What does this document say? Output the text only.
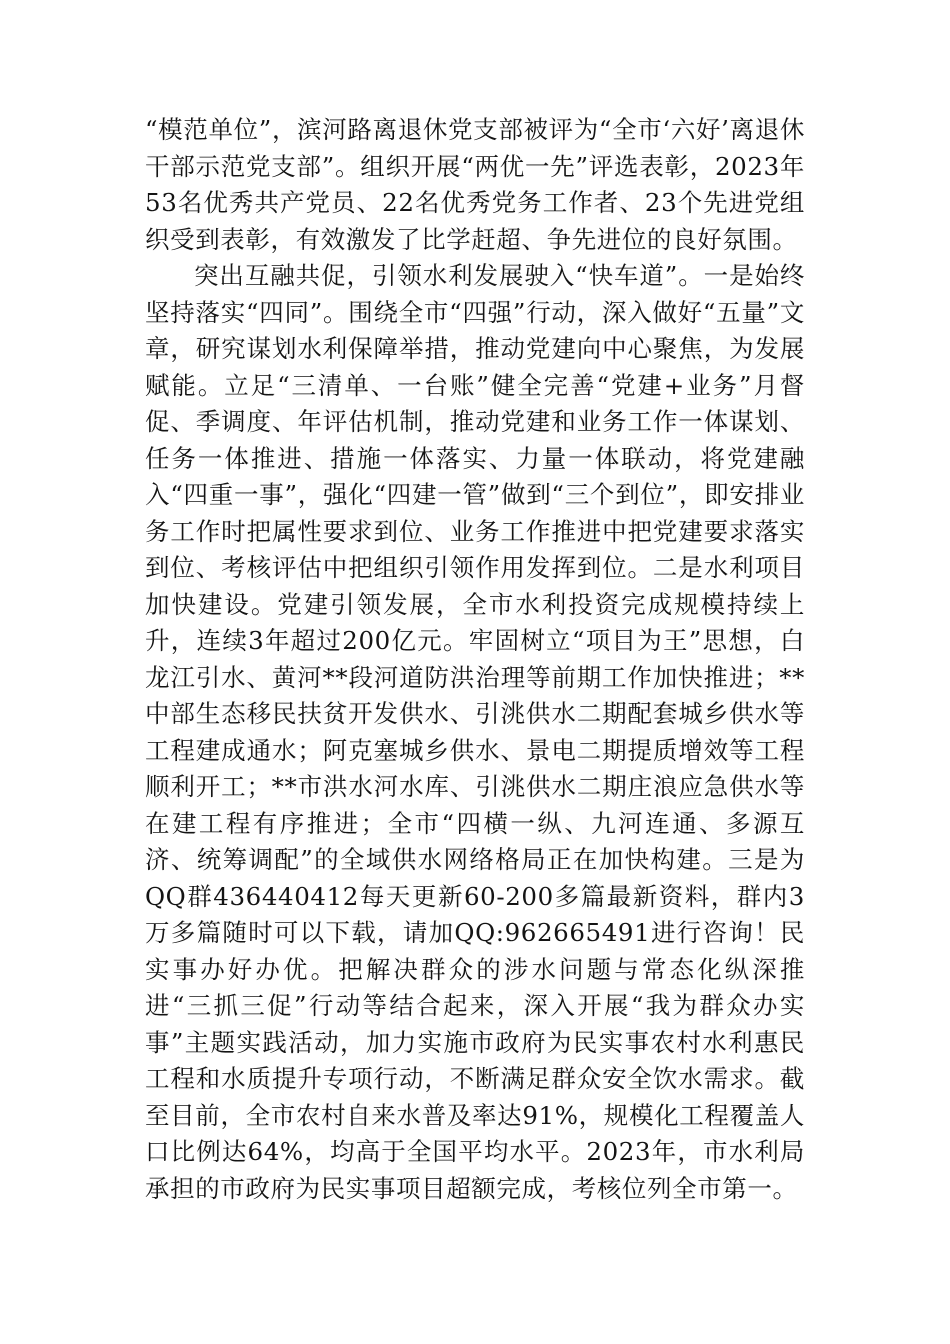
“模范单位”，滨河路离退休党支部被评为“全市‘六好’离退休干部示范党支部”。组织开展“两优一先”评选表彰，2023年53名优秀共产党员、22名优秀党务工作者、23个先进党组织受到表彰，有效激发了比学赶超、争先进位的良好氛围。

突出互融共促，引领水利发展驶入“快车道”。一是始终坚持落实“四同”。围绕全市“四强”行动，深入做好“五量”文章，研究谋划水利保障举措，推动党建向中心聚焦，为发展赋能。立足“三清单、一台账”健全完善“党建+业务”月督促、季调度、年评估机制，推动党建和业务工作一体谋划、任务一体推进、措施一体落实、力量一体联动，将党建融入“四重一事”，强化“四建一管”做到“三个到位”，即安排业务工作时把属性要求到位、业务工作推进中把党建要求落实到位、考核评估中把组织引领作用发挥到位。二是水利项目加快建设。党建引领发展，全市水利投资完成规模持续上升，连续3年超过200亿元。牢固树立“项目为王”思想，白龙江引水、黄河**段河道防洪治理等前期工作加快推进；**中部生态移民扶贫开发供水、引洮供水二期配套城乡供水等工程建成通水；阿克塞城乡供水、景电二期提质增效等工程顺利开工；**市洪水河水库、引洮供水二期庄浪应急供水等在建工程有序推进；全市“四横一纵、九河连通、多源互济、统筹调配”的全域供水网络格局正在加快构建。三是为QQ群436440412每天更新60-200多篇最新资料，群内3万多篇随时可以下载，请加QQ:962665491进行咨询！民实事办好办优。把解决群众的涉水问题与常态化纵深推进“三抓三促”行动等结合起来，深入开展“我为群众办实事”主题实践活动，加力实施市政府为民实事农村水利惠民工程和水质提升专项行动，不断满足群众安全饮水需求。截至目前，全市农村自来水普及率达91%，规模化工程覆盖人口比例达64%，均高于全国平均水平。2023年，市水利局承担的市政府为民实事项目超额完成，考核位列全市第一。
